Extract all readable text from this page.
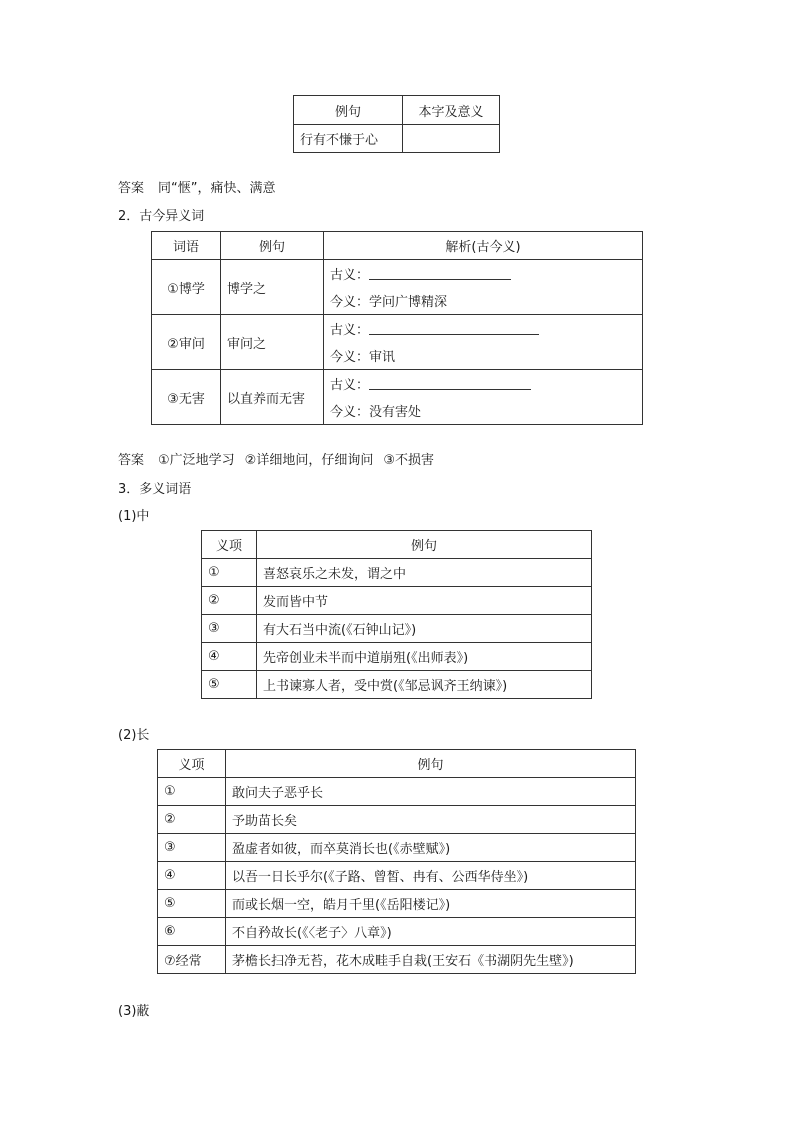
例句	本字及意义
行有不慊于心	
答案 同“惬”，痛快、满意
2．古今异义词
词语	例句	解析(古今义)
①博学	博学之	古义：
今义：学问广博精深

②审问	审问之	古义：
今义：审讯

③无害	以直养而无害	古义：
今义：没有害处
答案 ①广泛地学习 ②详细地问，仔细询问 ③不损害
3．多义词语
(1)中
义项	例句
①	喜怒哀乐之未发，谓之中
②	发而皆中节
③	有大石当中流(《石钟山记》)
④	先帝创业未半而中道崩殂(《出师表》)
⑤	上书谏寡人者，受中赏(《邹忌讽齐王纳谏》)
(2)长
义项	例句
①	敢问夫子恶乎长
②	予助苗长矣
③	盈虚者如彼，而卒莫消长也(《赤壁赋》)
④	以吾一日长乎尔(《子路、曾皙、冉有、公西华侍坐》)
⑤	而或长烟一空，皓月千里(《岳阳楼记》)
⑥	不自矜故长(《〈老子〉八章》)
⑦经常	茅檐长扫净无苔，花木成畦手自栽(王安石《书湖阴先生壁》)
(3)蔽
